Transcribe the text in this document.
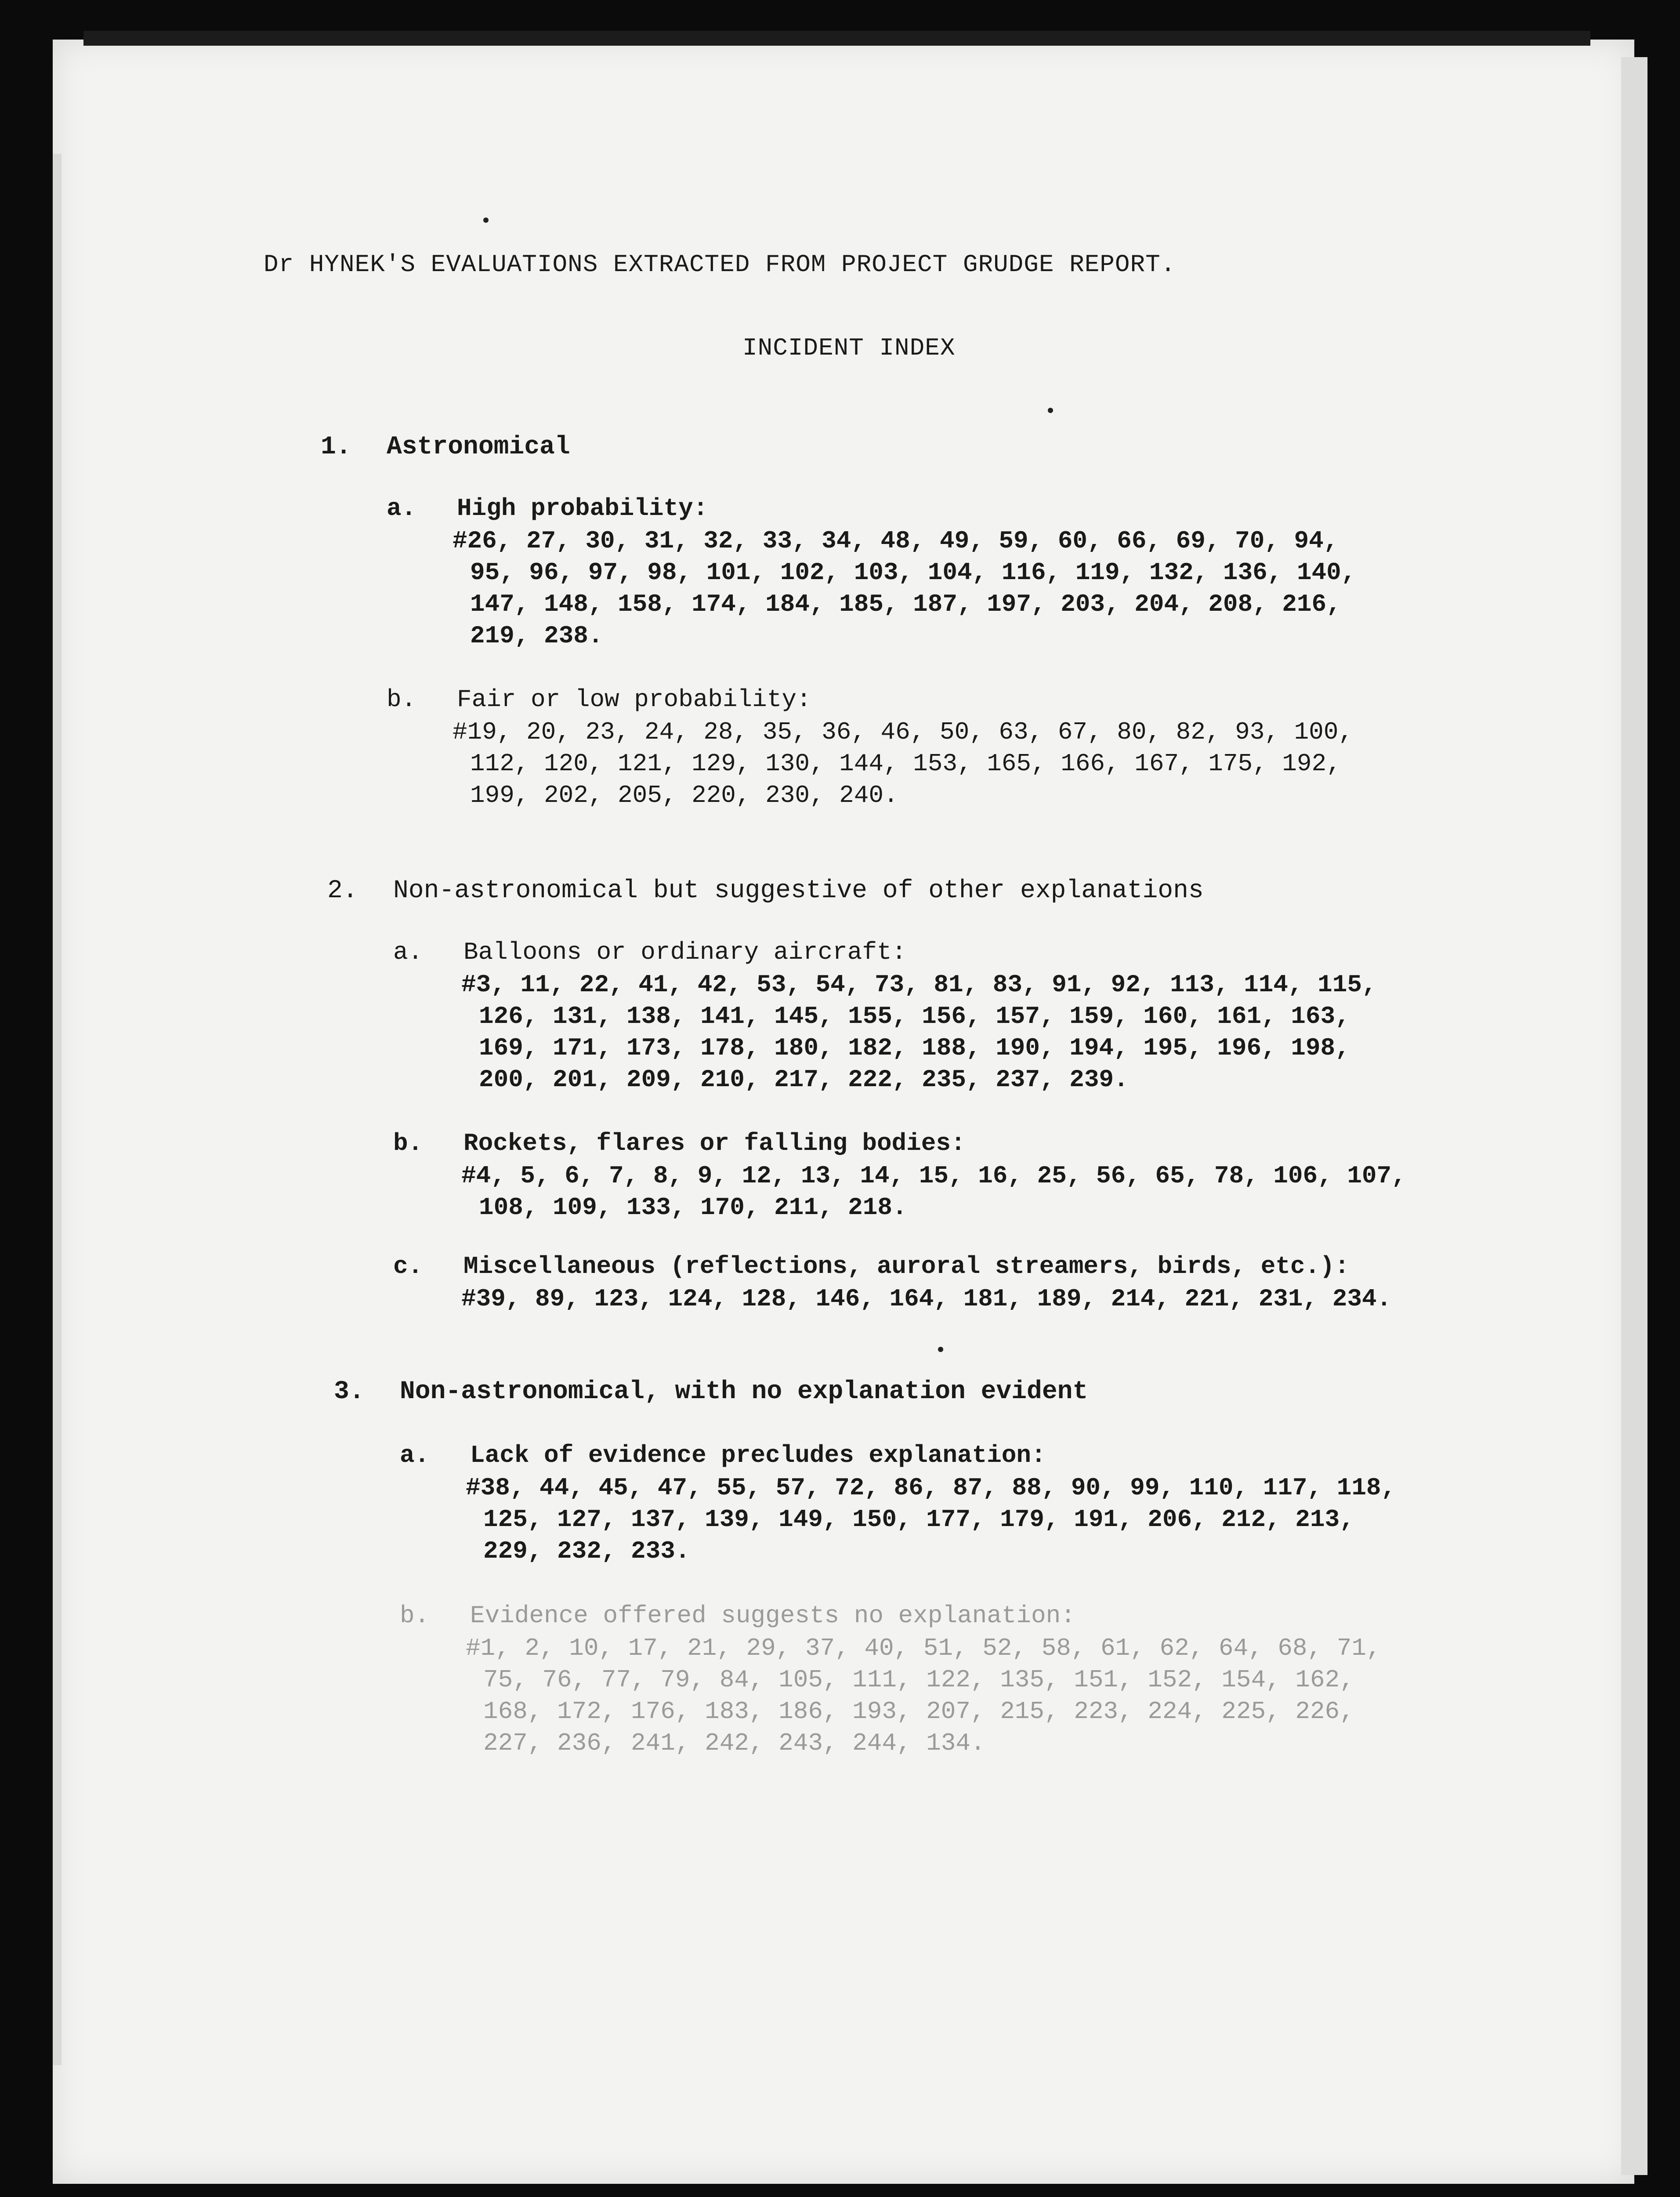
Dr HYNEK'S EVALUATIONS EXTRACTED FROM PROJECT GRUDGE REPORT.
INCIDENT INDEX
1. Astronomical
a. High probability:
#26, 27, 30, 31, 32, 33, 34, 48, 49, 59, 60, 66, 69, 70, 94,
95, 96, 97, 98, 101, 102, 103, 104, 116, 119, 132, 136, 140,
147, 148, 158, 174, 184, 185, 187, 197, 203, 204, 208, 216,
219, 238.
b. Fair or low probability:
#19, 20, 23, 24, 28, 35, 36, 46, 50, 63, 67, 80, 82, 93, 100,
112, 120, 121, 129, 130, 144, 153, 165, 166, 167, 175, 192,
199, 202, 205, 220, 230, 240.
2. Non-astronomical but suggestive of other explanations
a. Balloons or ordinary aircraft:
#3, 11, 22, 41, 42, 53, 54, 73, 81, 83, 91, 92, 113, 114, 115,
126, 131, 138, 141, 145, 155, 156, 157, 159, 160, 161, 163,
169, 171, 173, 178, 180, 182, 188, 190, 194, 195, 196, 198,
200, 201, 209, 210, 217, 222, 235, 237, 239.
b. Rockets, flares or falling bodies:
#4, 5, 6, 7, 8, 9, 12, 13, 14, 15, 16, 25, 56, 65, 78, 106, 107,
108, 109, 133, 170, 211, 218.
c. Miscellaneous (reflections, auroral streamers, birds, etc.):
#39, 89, 123, 124, 128, 146, 164, 181, 189, 214, 221, 231, 234.
3. Non-astronomical, with no explanation evident
a. Lack of evidence precludes explanation:
#38, 44, 45, 47, 55, 57, 72, 86, 87, 88, 90, 99, 110, 117, 118,
125, 127, 137, 139, 149, 150, 177, 179, 191, 206, 212, 213,
229, 232, 233.
b. Evidence offered suggests no explanation:
#1, 2, 10, 17, 21, 29, 37, 40, 51, 52, 58, 61, 62, 64, 68, 71,
75, 76, 77, 79, 84, 105, 111, 122, 135, 151, 152, 154, 162,
168, 172, 176, 183, 186, 193, 207, 215, 223, 224, 225, 226,
227, 236, 241, 242, 243, 244, 134.
